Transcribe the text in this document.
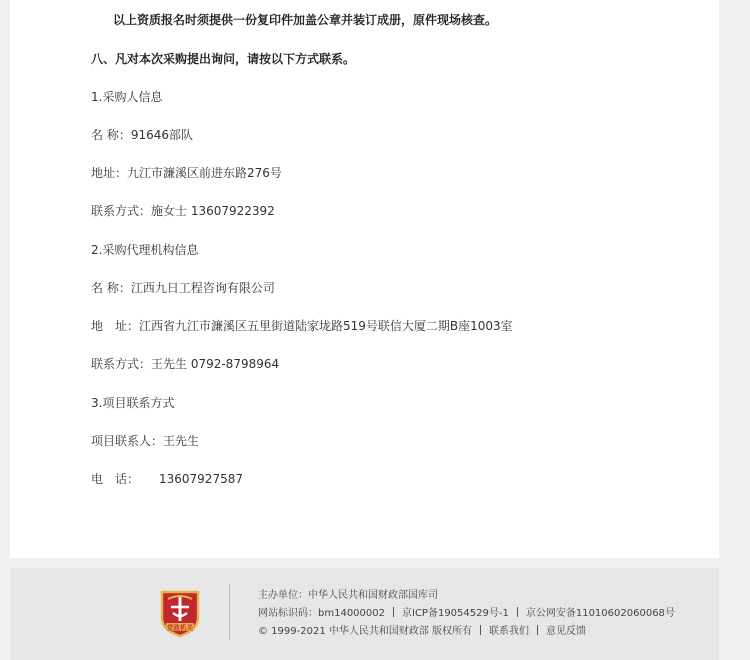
以上资质报名时须提供一份复印件加盖公章并装订成册，原件现场核查。
八、凡对本次采购提出询问，请按以下方式联系。
1.采购人信息
名 称：91646部队
地址：九江市濂溪区前进东路276号
联系方式：施女士 13607922392
2.采购代理机构信息
名 称：江西九日工程咨询有限公司
地　址：江西省九江市濂溪区五里街道陆家垅路519号联信大厦二期B座1003室
联系方式：王先生 0792-8798964
3.项目联系方式
项目联系人：王先生
电　话： 13607927587
党政机关
主办单位：中华人民共和国财政部国库司
网站标识码：bm14000002 京ICP备19054529号-1 京公网安备11010602060068号
© 1999-2021 中华人民共和国财政部 版权所有 联系我们 意见反馈
